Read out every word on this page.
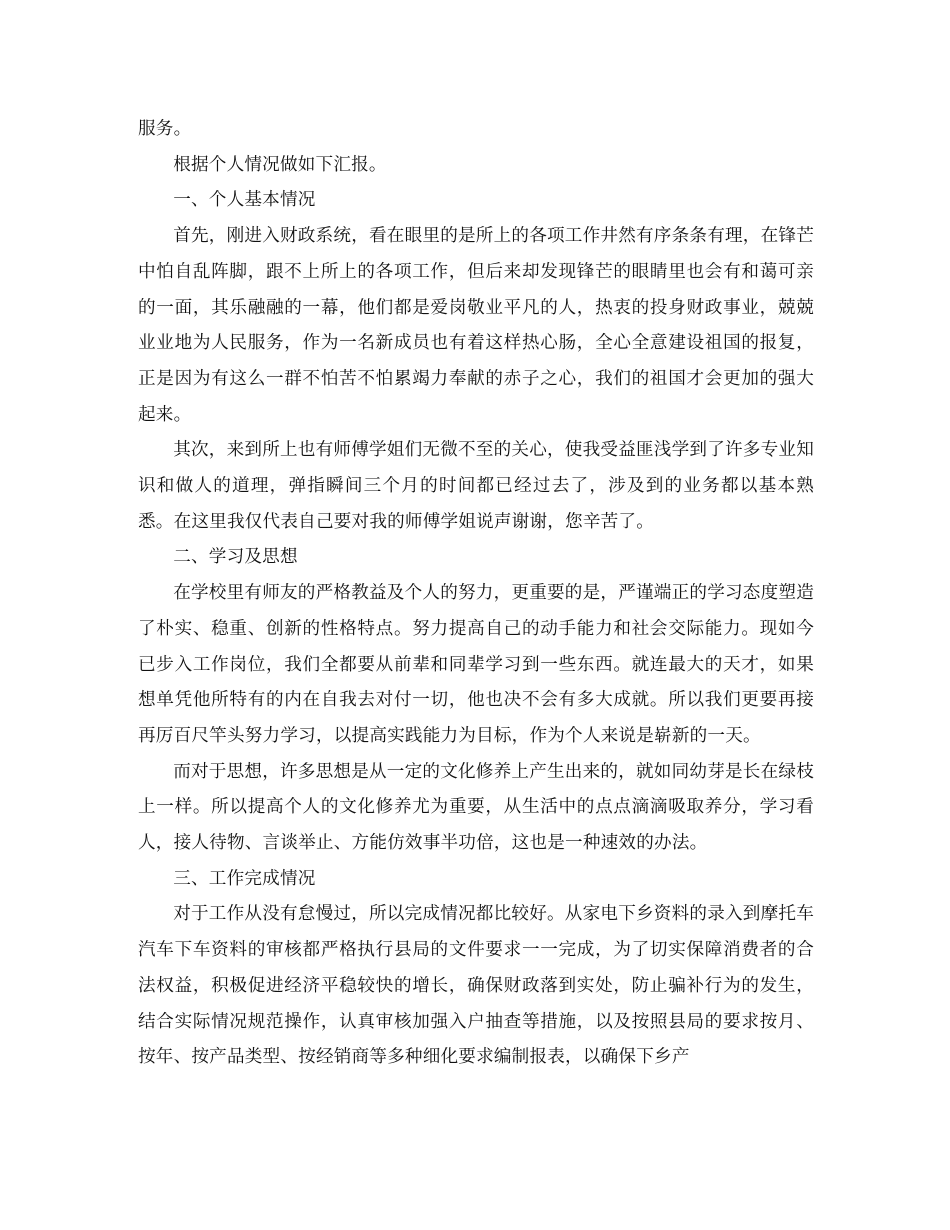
服务。

根据个人情况做如下汇报。

一、个人基本情况

首先，刚进入财政系统，看在眼里的是所上的各项工作井然有序条条有理，在锋芒中怕自乱阵脚，跟不上所上的各项工作，但后来却发现锋芒的眼睛里也会有和蔼可亲的一面，其乐融融的一幕，他们都是爱岗敬业平凡的人，热衷的投身财政事业，兢兢业业地为人民服务，作为一名新成员也有着这样热心肠，全心全意建设祖国的报复，正是因为有这么一群不怕苦不怕累竭力奉献的赤子之心，我们的祖国才会更加的强大起来。

其次，来到所上也有师傅学姐们无微不至的关心，使我受益匪浅学到了许多专业知识和做人的道理，弹指瞬间三个月的时间都已经过去了，涉及到的业务都以基本熟悉。在这里我仅代表自己要对我的师傅学姐说声谢谢，您辛苦了。

二、学习及思想

在学校里有师友的严格教益及个人的努力，更重要的是，严谨端正的学习态度塑造了朴实、稳重、创新的性格特点。努力提高自己的动手能力和社会交际能力。现如今已步入工作岗位，我们全都要从前辈和同辈学习到一些东西。就连最大的天才，如果想单凭他所特有的内在自我去对付一切，他也决不会有多大成就。所以我们更要再接再厉百尺竿头努力学习，以提高实践能力为目标，作为个人来说是崭新的一天。

而对于思想，许多思想是从一定的文化修养上产生出来的，就如同幼芽是长在绿枝上一样。所以提高个人的文化修养尤为重要，从生活中的点点滴滴吸取养分，学习看人，接人待物、言谈举止、方能仿效事半功倍，这也是一种速效的办法。

三、工作完成情况

对于工作从没有怠慢过，所以完成情况都比较好。从家电下乡资料的录入到摩托车汽车下车资料的审核都严格执行县局的文件要求一一完成，为了切实保障消费者的合法权益，积极促进经济平稳较快的增长，确保财政落到实处，防止骗补行为的发生，结合实际情况规范操作，认真审核加强入户抽查等措施，以及按照县局的要求按月、按年、按产品类型、按经销商等多种细化要求编制报表，以确保下乡产
